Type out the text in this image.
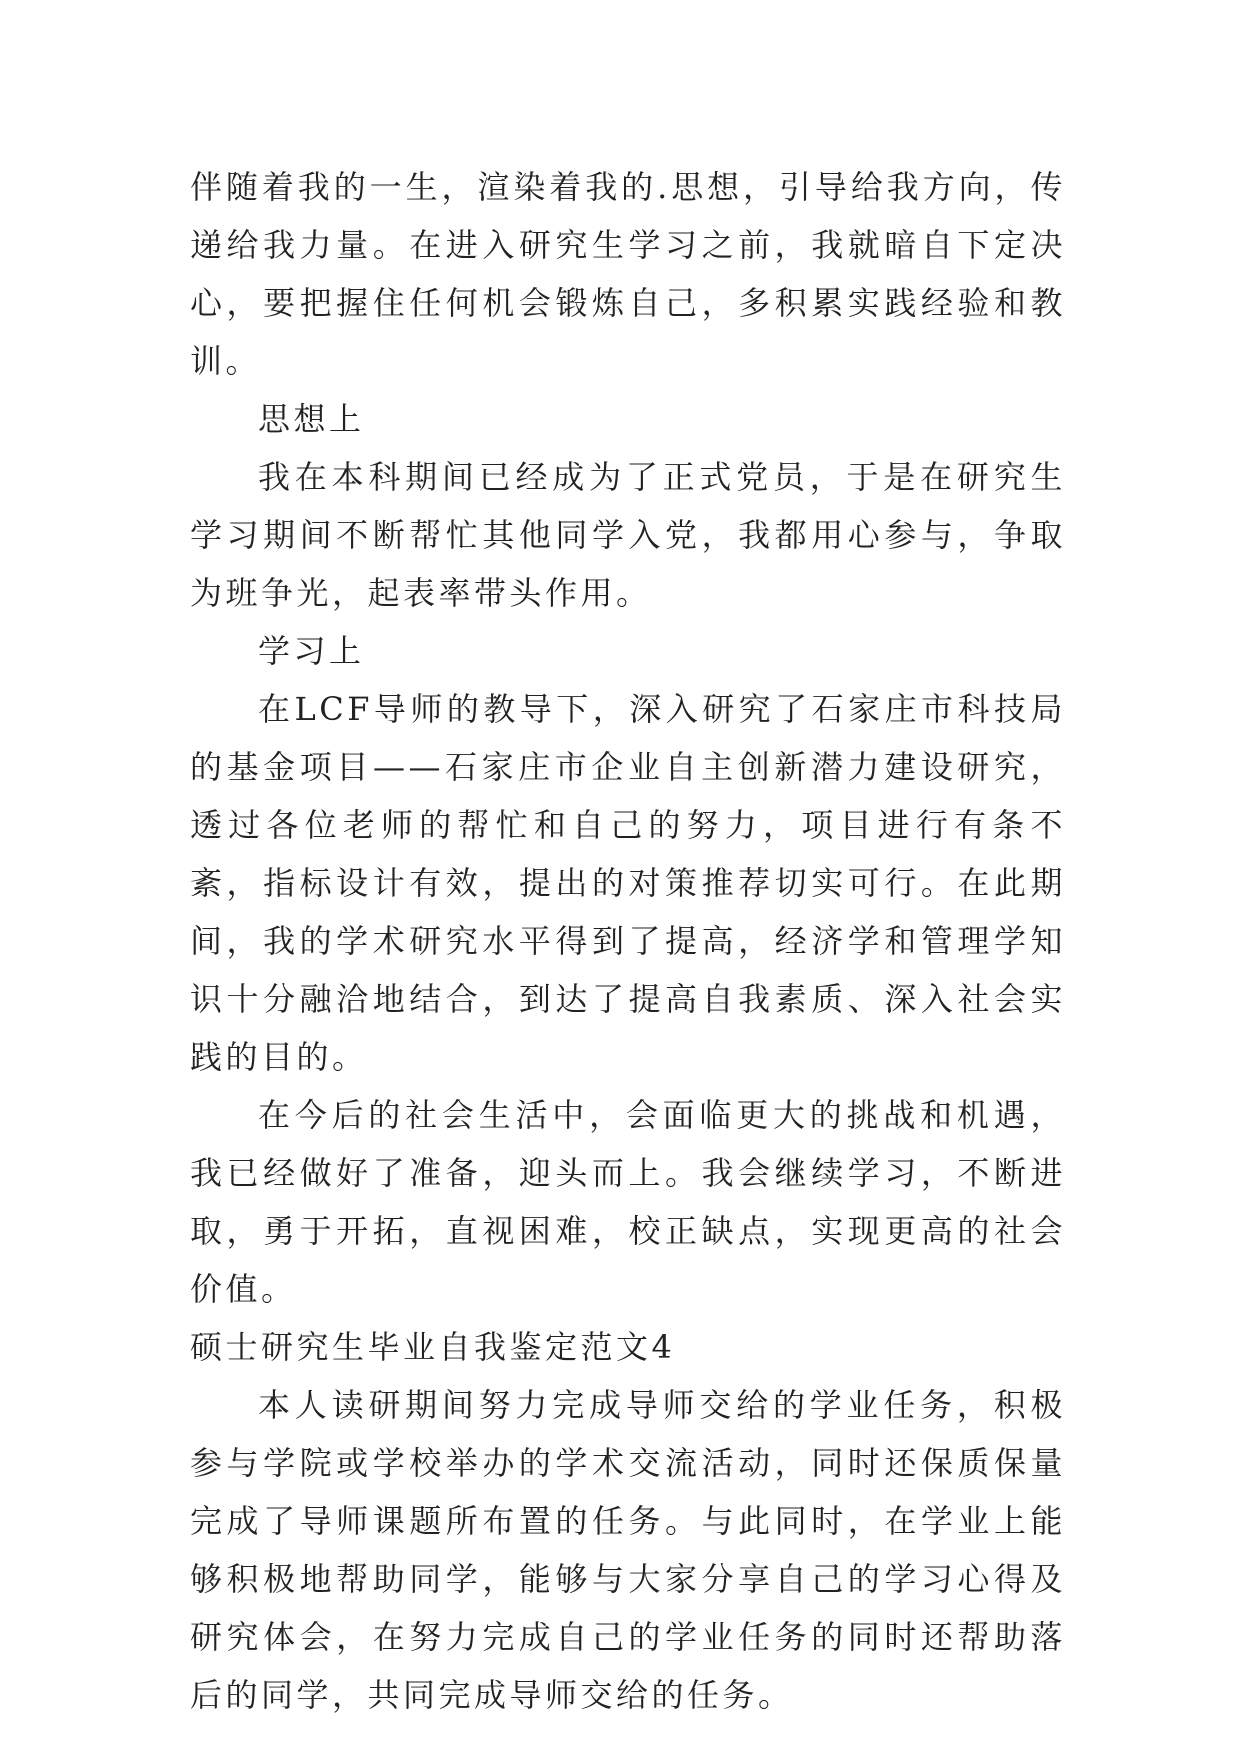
伴随着我的一生，渲染着我的.思想，引导给我方向，传递给我力量。在进入研究生学习之前，我就暗自下定决心，要把握住任何机会锻炼自己，多积累实践经验和教训。

思想上

我在本科期间已经成为了正式党员，于是在研究生学习期间不断帮忙其他同学入党，我都用心参与，争取为班争光，起表率带头作用。

学习上

在LCF导师的教导下，深入研究了石家庄市科技局的基金项目——石家庄市企业自主创新潜力建设研究，透过各位老师的帮忙和自己的努力，项目进行有条不紊，指标设计有效，提出的对策推荐切实可行。在此期间，我的学术研究水平得到了提高，经济学和管理学知识十分融洽地结合，到达了提高自我素质、深入社会实践的目的。

在今后的社会生活中，会面临更大的挑战和机遇，我已经做好了准备，迎头而上。我会继续学习，不断进取，勇于开拓，直视困难，校正缺点，实现更高的社会价值。

硕士研究生毕业自我鉴定范文4

本人读研期间努力完成导师交给的学业任务，积极参与学院或学校举办的学术交流活动，同时还保质保量完成了导师课题所布置的任务。与此同时，在学业上能够积极地帮助同学，能够与大家分享自己的学习心得及研究体会，在努力完成自己的学业任务的同时还帮助落后的同学，共同完成导师交给的任务。
